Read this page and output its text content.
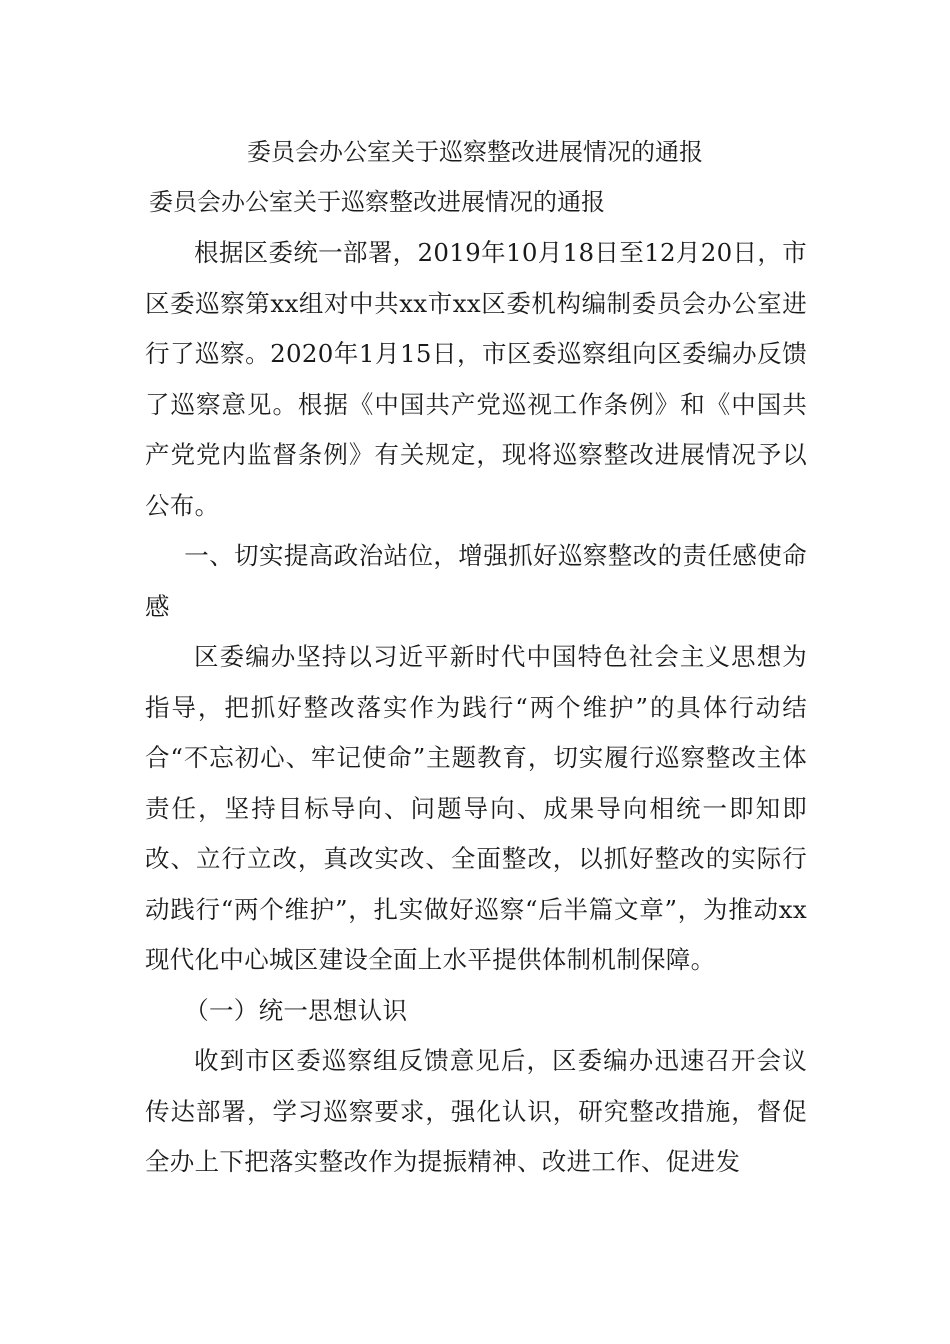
委员会办公室关于巡察整改进展情况的通报

委员会办公室关于巡察整改进展情况的通报

根据区委统一部署，2019年10月18日至12月20日，市区委巡察第xx组对中共xx市xx区委机构编制委员会办公室进行了巡察。2020年1月15日，市区委巡察组向区委编办反馈了巡察意见。根据《中国共产党巡视工作条例》和《中国共产党党内监督条例》有关规定，现将巡察整改进展情况予以公布。

一、切实提高政治站位，增强抓好巡察整改的责任感使命感

区委编办坚持以习近平新时代中国特色社会主义思想为指导，把抓好整改落实作为践行“两个维护”的具体行动结合“不忘初心、牢记使命”主题教育，切实履行巡察整改主体责任，坚持目标导向、问题导向、成果导向相统一即知即改、立行立改，真改实改、全面整改，以抓好整改的实际行动践行“两个维护”，扎实做好巡察“后半篇文章”，为推动xx现代化中心城区建设全面上水平提供体制机制保障。

（一）统一思想认识

收到市区委巡察组反馈意见后，区委编办迅速召开会议传达部署，学习巡察要求，强化认识，研究整改措施，督促全办上下把落实整改作为提振精神、改进工作、促进发
